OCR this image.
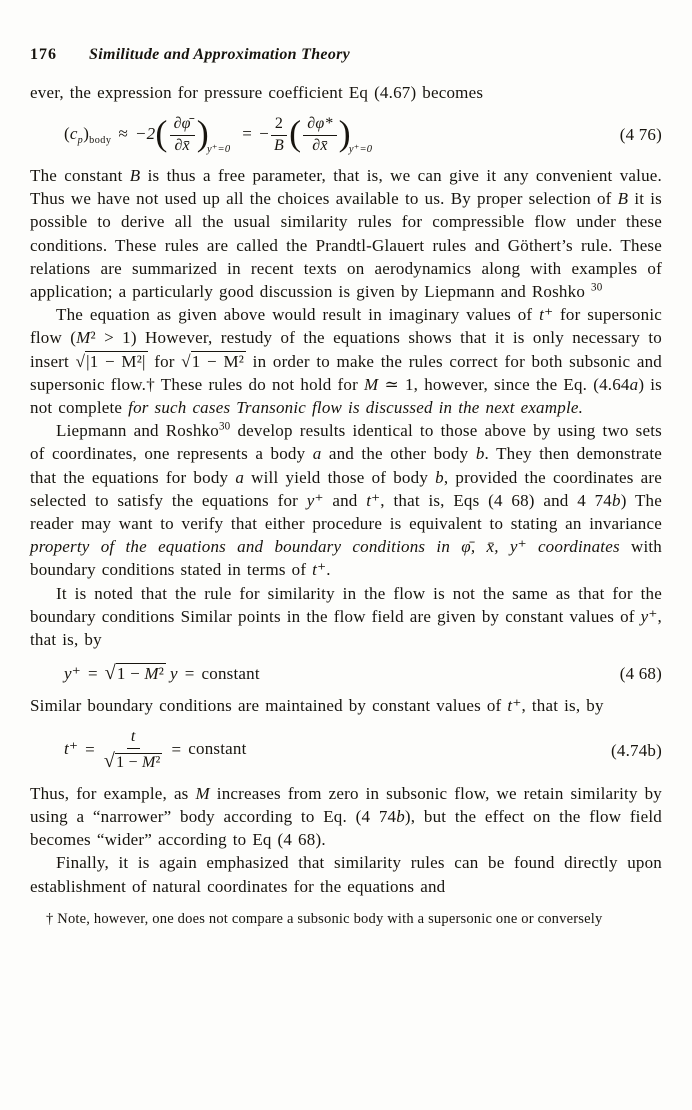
176 Similitude and Approximation Theory

ever, the expression for pressure coefficient Eq (4.67) becomes

$(c_p)_{body} \approx -2( \frac{\partial\varphī}{\partial x̄} )_{y^+=0}= - \frac{2}{B}$ ( $\frac{\partial\varphi*}{\partial x̄} )_{y^+=0}$
(4 76)

The constant B is thus a free parameter, that is, we can give it any convenient value. Thus we have not used up all the choices available to us. By proper selection of B it is possible to derive all the usual similarity rules for compressible flow under these conditions. These rules are called the Prandtl-Glauert rules and Göthert’s rule. These relations are summarized in recent texts on aerodynamics along with examples of application; a particularly good discussion is given by Liepmann and Roshko $^{30}$

The equation as given above would result in imaginary values of t⁺ for supersonic flow (M² > 1) However, restudy of the equations shows that it is only necessary to insert √|1 − M²| for √1 − M² in order to make the rules correct for both subsonic and supersonic flow.† These rules do not hold for M ≃ 1, however, since the Eq. (4.64a) is not complete for such cases Transonic flow is discussed in the next example.

Liepmann and Roshko$^{30}$ develop results identical to those above by using two sets of coordinates, one represents a body a and the other body b. They then demonstrate that the equations for body a will yield those of body b, provided the coordinates are selected to satisfy the equations for y⁺ and t⁺, that is, Eqs (4 68) and 4 74b) The reader may want to verify that either procedure is equivalent to stating an invariance property of the equations and boundary conditions in φ̄, x̄, y⁺ coordinates with boundary conditions stated in terms of t⁺.

It is noted that the rule for similarity in the flow is not the same as that for the boundary conditions Similar points in the flow field are given by constant values of y⁺, that is, by

y⁺ = √1 − M² y = constant	(4 68)

Similar boundary conditions are maintained by constant values of t⁺, that is, by

$t^+ = \frac{t}{\text{√1 − M²}}$ = constant	(4.74b)

Thus, for example, as M increases from zero in subsonic flow, we retain similarity by using a “narrower” body according to Eq. (4 74b), but the effect on the flow field becomes “wider” according to Eq (4 68).

Finally, it is again emphasized that similarity rules can be found directly upon establishment of natural coordinates for the equations and

† Note, however, one does not compare a subsonic body with a supersonic one or conversely
